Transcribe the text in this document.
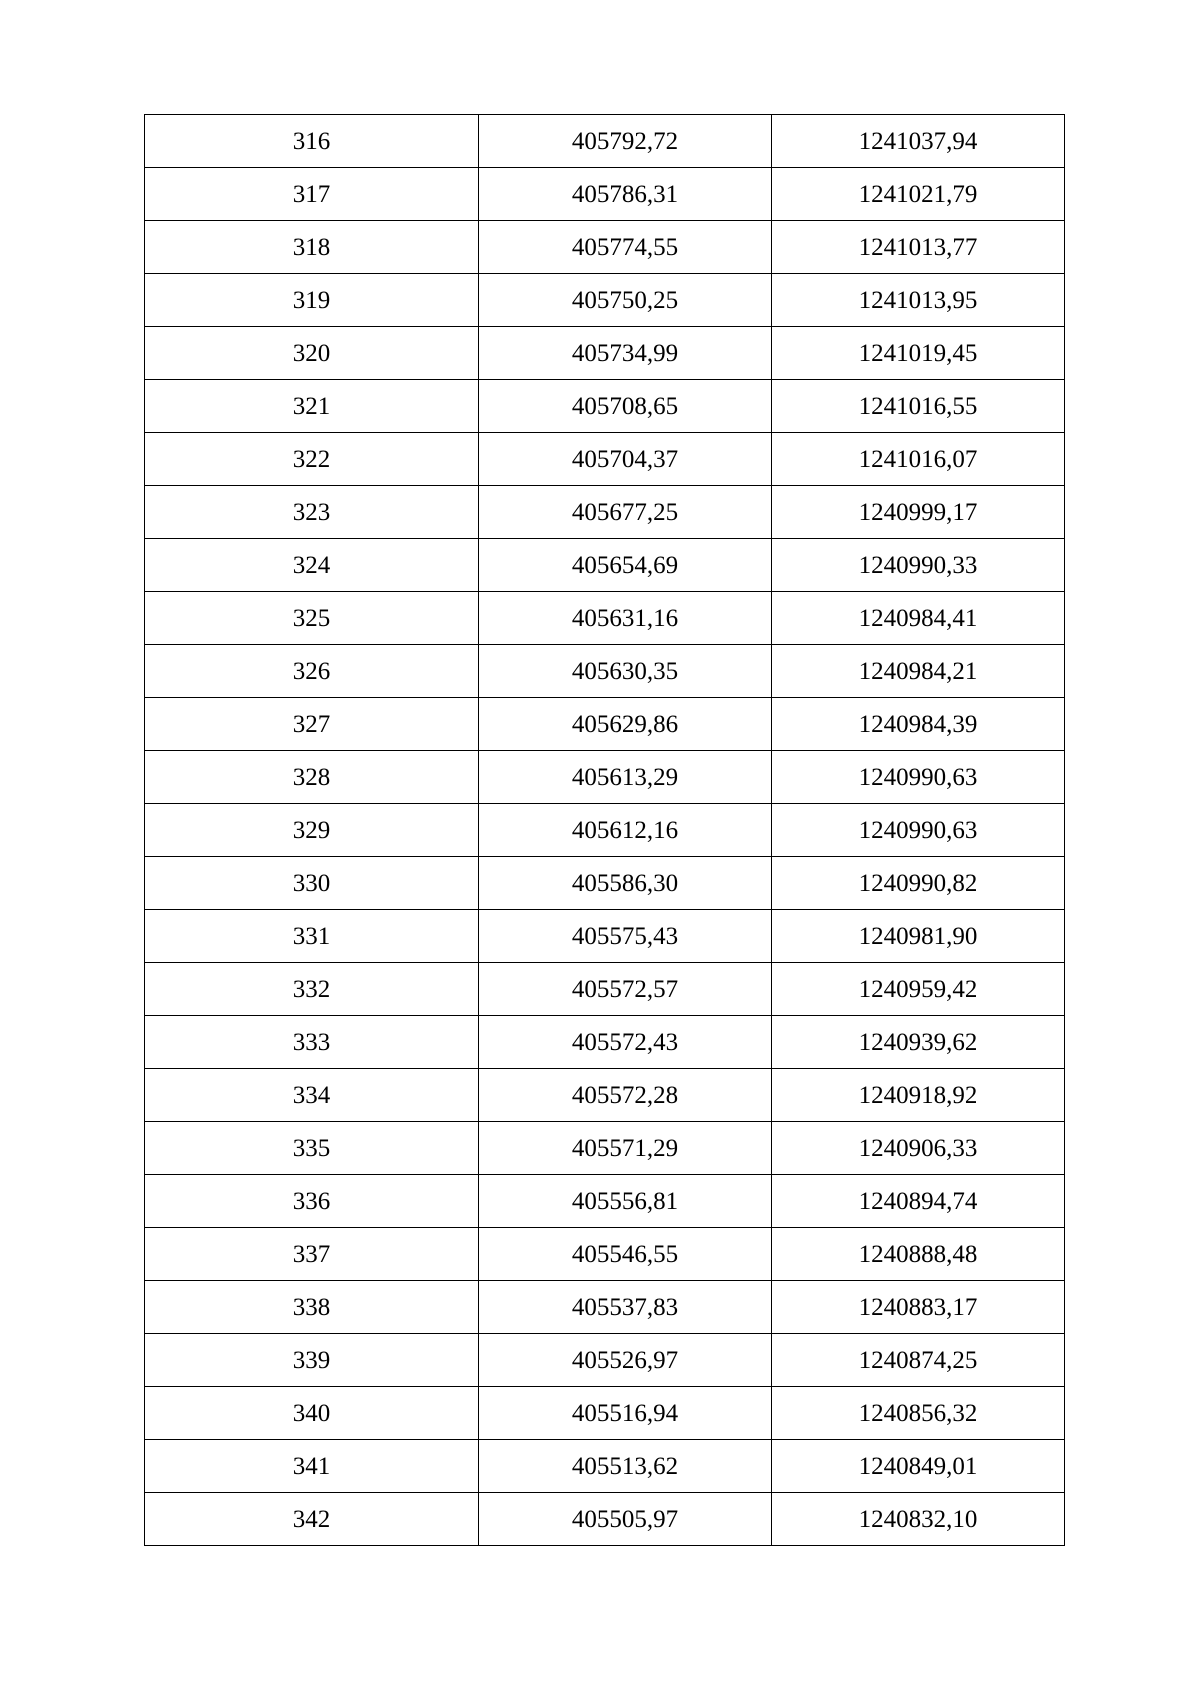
316	405792,72	1241037,94
317	405786,31	1241021,79
318	405774,55	1241013,77
319	405750,25	1241013,95
320	405734,99	1241019,45
321	405708,65	1241016,55
322	405704,37	1241016,07
323	405677,25	1240999,17
324	405654,69	1240990,33
325	405631,16	1240984,41
326	405630,35	1240984,21
327	405629,86	1240984,39
328	405613,29	1240990,63
329	405612,16	1240990,63
330	405586,30	1240990,82
331	405575,43	1240981,90
332	405572,57	1240959,42
333	405572,43	1240939,62
334	405572,28	1240918,92
335	405571,29	1240906,33
336	405556,81	1240894,74
337	405546,55	1240888,48
338	405537,83	1240883,17
339	405526,97	1240874,25
340	405516,94	1240856,32
341	405513,62	1240849,01
342	405505,97	1240832,10
